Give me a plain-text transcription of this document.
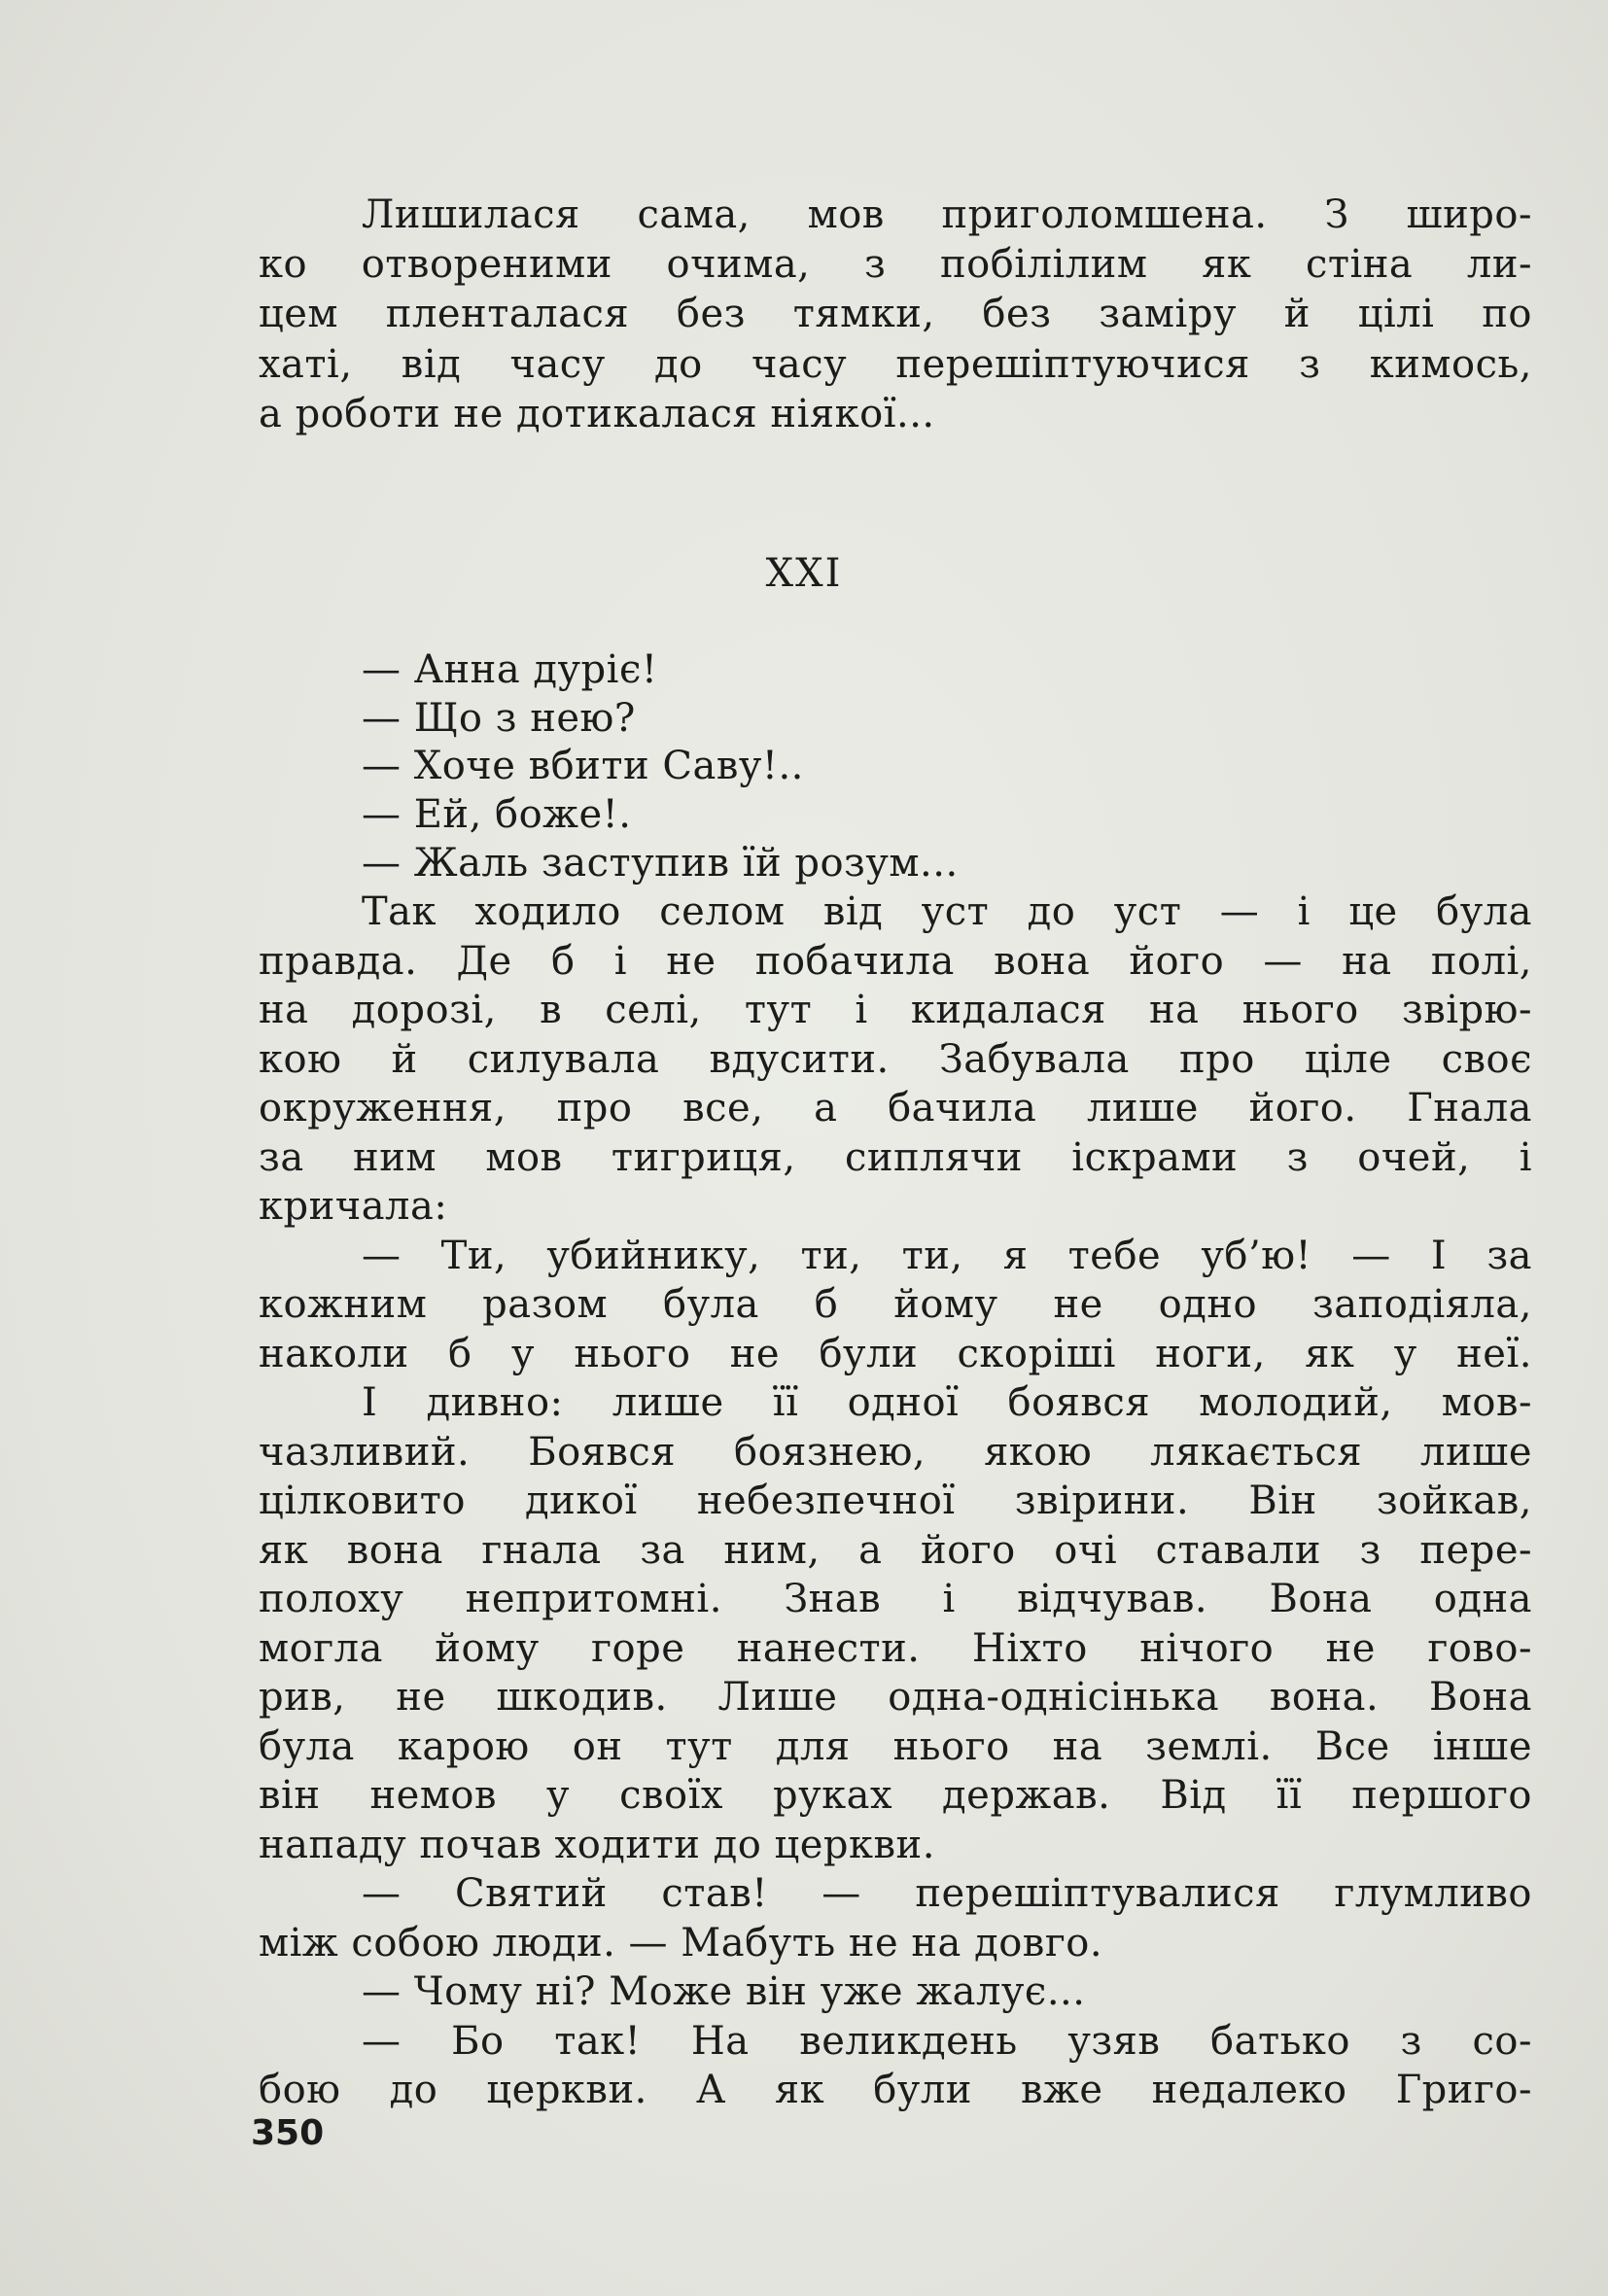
Лишилася сама, мов приголомшена. З широ-
ко отвореними очима, з побілілим як стіна ли-
цем пленталася без тямки, без заміру й цілі по
хаті, від часу до часу перешіптуючися з кимось,
а роботи не дотикалася ніякої...
XXI
— Анна дуріє!
— Що з нею?
— Хоче вбити Саву!..
— Ей, боже!.
— Жаль заступив їй розум...
Так ходило селом від уст до уст — і це була
правда. Де б і не побачила вона його — на полі,
на дорозі, в селі, тут і кидалася на нього звірю-
кою й силувала вдусити. Забувала про ціле своє
окруження, про все, а бачила лише його. Гнала
за ним мов тигриця, сиплячи іскрами з очей, і
кричала:
— Ти, убийнику, ти, ти, я тебе уб’ю! — І за
кожним разом була б йому не одно заподіяла,
наколи б у нього не були скоріші ноги, як у неї.
І дивно: лише її одної боявся молодий, мов-
чазливий. Боявся боязнею, якою лякається лише
цілковито дикої небезпечної звірини. Він зойкав,
як вона гнала за ним, а його очі ставали з пере-
полоху непритомні. Знав і відчував. Вона одна
могла йому горе нанести. Ніхто нічого не гово-
рив, не шкодив. Лише одна-однісінька вона. Вона
була карою он тут для нього на землі. Все інше
він немов у своїх руках держав. Від її першого
нападу почав ходити до церкви.
— Святий став! — перешіптувалися глумливо
між собою люди. — Мабуть не на довго.
— Чому ні? Може він уже жалує...
— Бо так! На великдень узяв батько з со-
бою до церкви. А як були вже недалеко Григо-
350
